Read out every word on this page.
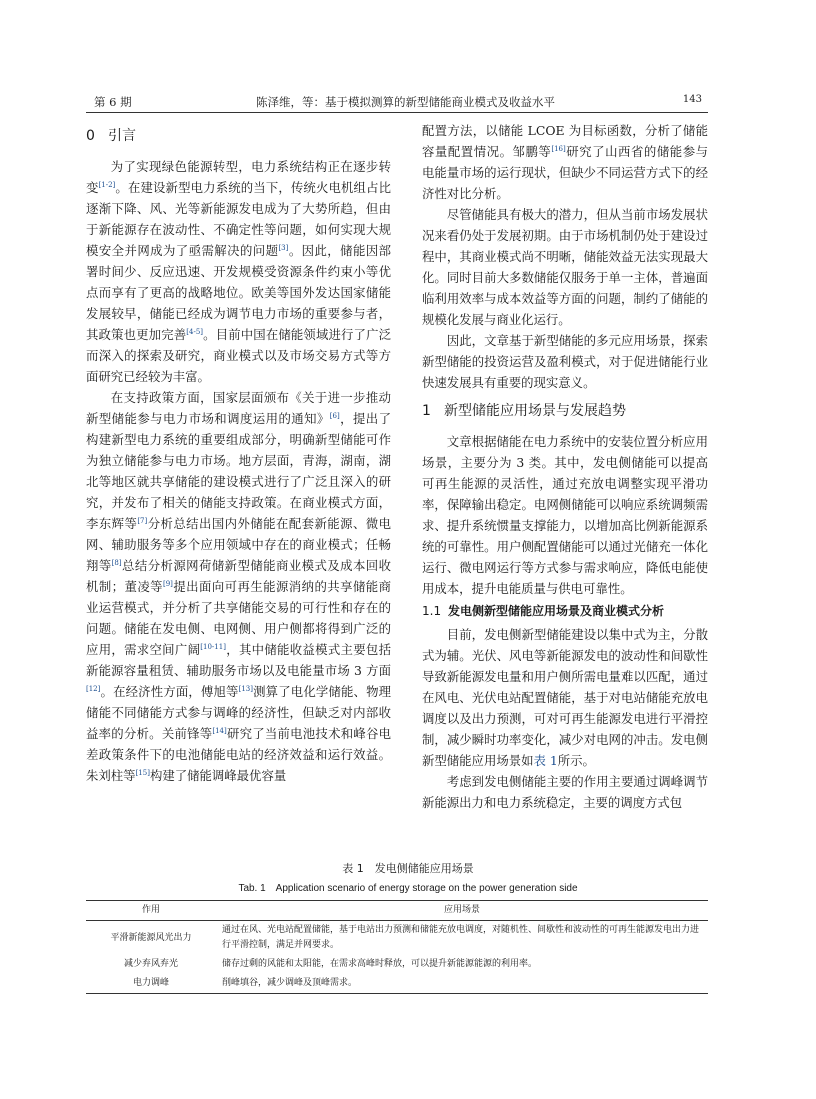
第 6 期	陈泽维，等：基于模拟测算的新型储能商业模式及收益水平	143
0 引言

为了实现绿色能源转型，电力系统结构正在逐步转变[1-2]。在建设新型电力系统的当下，传统火电机组占比逐渐下降、风、光等新能源发电成为了大势所趋，但由于新能源存在波动性、不确定性等问题，如何实现大规模安全并网成为了亟需解决的问题[3]。因此，储能因部署时间少、反应迅速、开发规模受资源条件约束小等优点而享有了更高的战略地位。欧美等国外发达国家储能发展较早，储能已经成为调节电力市场的重要参与者，其政策也更加完善[4-5]。目前中国在储能领域进行了广泛而深入的探索及研究，商业模式以及市场交易方式等方面研究已经较为丰富。

在支持政策方面，国家层面颁布《关于进一步推动新型储能参与电力市场和调度运用的通知》[6]，提出了构建新型电力系统的重要组成部分，明确新型储能可作为独立储能参与电力市场。地方层面，青海，湖南，湖北等地区就共享储能的建设模式进行了广泛且深入的研究，并发布了相关的储能支持政策。在商业模式方面，李东辉等[7]分析总结出国内外储能在配套新能源、微电网、辅助服务等多个应用领域中存在的商业模式；任畅翔等[8]总结分析源网荷储新型储能商业模式及成本回收机制；董凌等[9]提出面向可再生能源消纳的共享储能商业运营模式，并分析了共享储能交易的可行性和存在的问题。储能在发电侧、电网侧、用户侧都将得到广泛的应用，需求空间广阔[10-11]，其中储能收益模式主要包括新能源容量租赁、辅助服务市场以及电能量市场 3 方面[12]。在经济性方面，傅旭等[13]测算了电化学储能、物理储能不同储能方式参与调峰的经济性，但缺乏对内部收益率的分析。关前锋等[14]研究了当前电池技术和峰谷电差政策条件下的电池储能电站的经济效益和运行效益。朱刘柱等[15]构建了储能调峰最优容量

配置方法，以储能 LCOE 为目标函数，分析了储能容量配置情况。邹鹏等[16]研究了山西省的储能参与电能量市场的运行现状，但缺少不同运营方式下的经济性对比分析。

尽管储能具有极大的潜力，但从当前市场发展状况来看仍处于发展初期。由于市场机制仍处于建设过程中，其商业模式尚不明晰，储能效益无法实现最大化。同时目前大多数储能仅服务于单一主体，普遍面临利用效率与成本效益等方面的问题，制约了储能的规模化发展与商业化运行。

因此，文章基于新型储能的多元应用场景，探索新型储能的投资运营及盈利模式，对于促进储能行业快速发展具有重要的现实意义。

1 新型储能应用场景与发展趋势

文章根据储能在电力系统中的安装位置分析应用场景，主要分为 3 类。其中，发电侧储能可以提高可再生能源的灵活性，通过充放电调整实现平滑功率，保障输出稳定。电网侧储能可以响应系统调频需求、提升系统惯量支撑能力，以增加高比例新能源系统的可靠性。用户侧配置储能可以通过光储充一体化运行、微电网运行等方式参与需求响应，降低电能使用成本，提升电能质量与供电可靠性。

1.1 发电侧新型储能应用场景及商业模式分析

目前，发电侧新型储能建设以集中式为主，分散式为辅。光伏、风电等新能源发电的波动性和间歇性导致新能源发电量和用户侧所需电量难以匹配，通过在风电、光伏电站配置储能，基于对电站储能充放电调度以及出力预测，可对可再生能源发电进行平滑控制，减少瞬时功率变化，减少对电网的冲击。发电侧新型储能应用场景如表 1所示。

考虑到发电侧储能主要的作用主要通过调峰调节新能源出力和电力系统稳定，主要的调度方式包

表 1　发电侧储能应用场景
Tab. 1　Application scenario of energy storage on the power generation side
作用	应用场景
平滑新能源风光出力	通过在风、光电站配置储能，基于电站出力预测和储能充放电调度，对随机性、间歇性和波动性的可再生能源发电出力进行平滑控制，满足并网要求。
减少弃风弃光	储存过剩的风能和太阳能，在需求高峰时释放，可以提升新能源能源的利用率。
电力调峰	削峰填谷，减少调峰及顶峰需求。
